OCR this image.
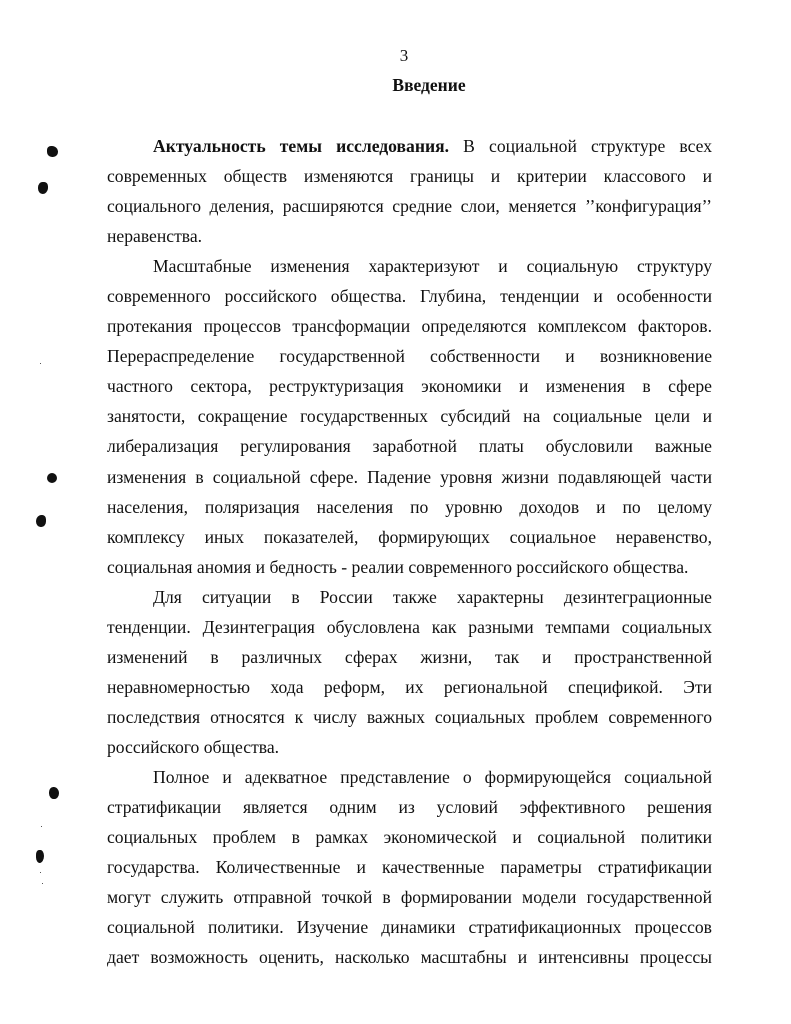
3
Введение
Актуальность темы исследования. В социальной структуре всех
современных обществ изменяются границы и критерии классового и
социального деления, расширяются средние слои, меняется ’’конфигурация’’
неравенства.
Масштабные изменения характеризуют и социальную структуру
современного российского общества. Глубина, тенденции и особенности
протекания процессов трансформации определяются комплексом факторов.
Перераспределение государственной собственности и возникновение
частного сектора, реструктуризация экономики и изменения в сфере
занятости, сокращение государственных субсидий на социальные цели и
либерализация регулирования заработной платы обусловили важные
изменения в социальной сфере. Падение уровня жизни подавляющей части
населения, поляризация населения по уровню доходов и по целому
комплексу иных показателей, формирующих социальное неравенство,
социальная аномия и бедность - реалии современного российского общества.
Для ситуации в России также характерны дезинтеграционные
тенденции. Дезинтеграция обусловлена как разными темпами социальных
изменений в различных сферах жизни, так и пространственной
неравномерностью хода реформ, их региональной спецификой. Эти
последствия относятся к числу важных социальных проблем современного
российского общества.
Полное и адекватное представление о формирующейся социальной
стратификации является одним из условий эффективного решения
социальных проблем в рамках экономической и социальной политики
государства. Количественные и качественные параметры стратификации
могут служить отправной точкой в формировании модели государственной
социальной политики. Изучение динамики стратификационных процессов
дает возможность оценить, насколько масштабны и интенсивны процессы
